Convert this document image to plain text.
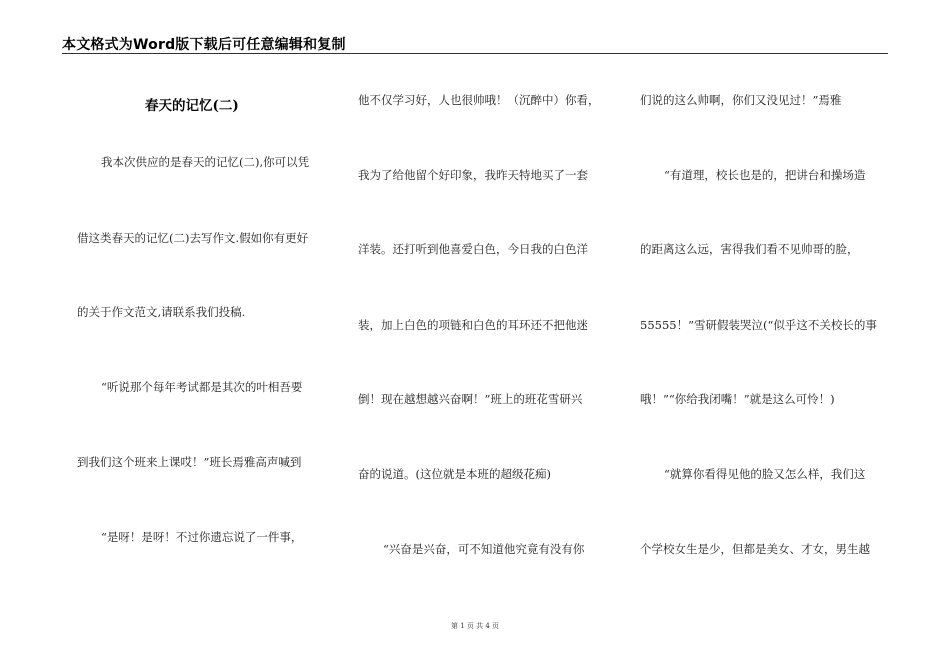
本文格式为Word版下载后可任意编辑和复制
春天的记忆(二)
我本次供应的是春天的记忆(二),你可以凭
借这类春天的记忆(二)去写作文.假如你有更好
的关于作文范文,请联系我们投稿.
“听说那个每年考试都是其次的叶相吾要
到我们这个班来上课哎！”班长焉雅高声喊到
“是呀！是呀！不过你遗忘说了一件事，
他不仅学习好，人也很帅哦！（沉醉中）你看，
我为了给他留个好印象，我昨天特地买了一套
洋装。还打听到他喜爱白色，今日我的白色洋
装，加上白色的项链和白色的耳环还不把他迷
倒！现在越想越兴奋啊！”班上的班花雪研兴
奋的说道。(这位就是本班的超级花痴)
“兴奋是兴奋，可不知道他究竟有没有你
们说的这么帅啊，你们又没见过！”焉雅
“有道理，校长也是的，把讲台和操场造
的距离这么远，害得我们看不见帅哥的脸，
55555！”雪研假装哭泣(“似乎这不关校长的事
哦！”“你给我闭嘴！”就是这么可怜！)
“就算你看得见他的脸又怎么样，我们这
个学校女生是少，但都是美女、才女，男生越
第 1 页 共 4 页
